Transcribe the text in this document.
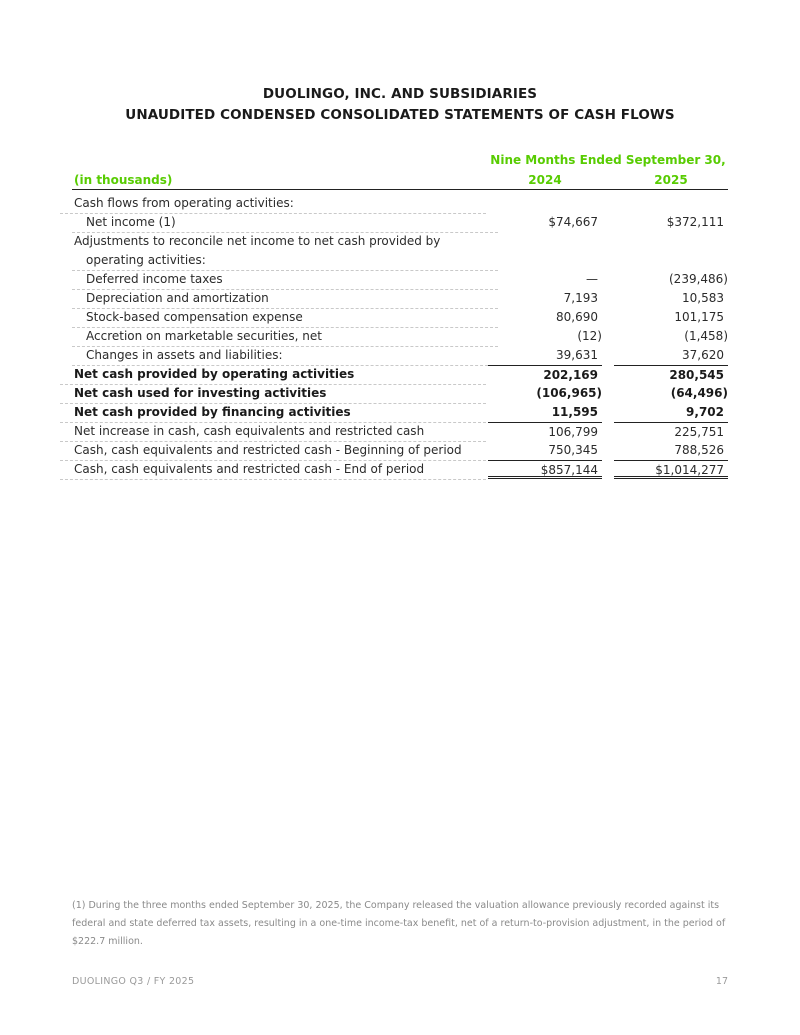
DUOLINGO, INC. AND SUBSIDIARIES
UNAUDITED CONDENSED CONSOLIDATED STATEMENTS OF CASH FLOWS
Nine Months Ended September 30,
(in thousands)	2024	2025
Cash flows from operating activities:
Net income (1)	$74,667	$372,111
Adjustments to reconcile net income to net cash provided by
operating activities:
Deferred income taxes	—	(239,486)
Depreciation and amortization	7,193	10,583
Stock-based compensation expense	80,690	101,175
Accretion on marketable securities, net	(12)	(1,458)
Changes in assets and liabilities:	39,631	37,620
Net cash provided by operating activities	202,169	280,545
Net cash used for investing activities	(106,965)	(64,496)
Net cash provided by financing activities	11,595	9,702
Net increase in cash, cash equivalents and restricted cash	106,799	225,751
Cash, cash equivalents and restricted cash - Beginning of period	750,345	788,526
Cash, cash equivalents and restricted cash - End of period	$857,144	$1,014,277
(1) During the three months ended September 30, 2025, the Company released the valuation allowance previously recorded against its federal and state deferred tax assets, resulting in a one-time income-tax benefit, net of a return-to-provision adjustment, in the period of $222.7 million.
DUOLINGO Q3 / FY 2025	17
